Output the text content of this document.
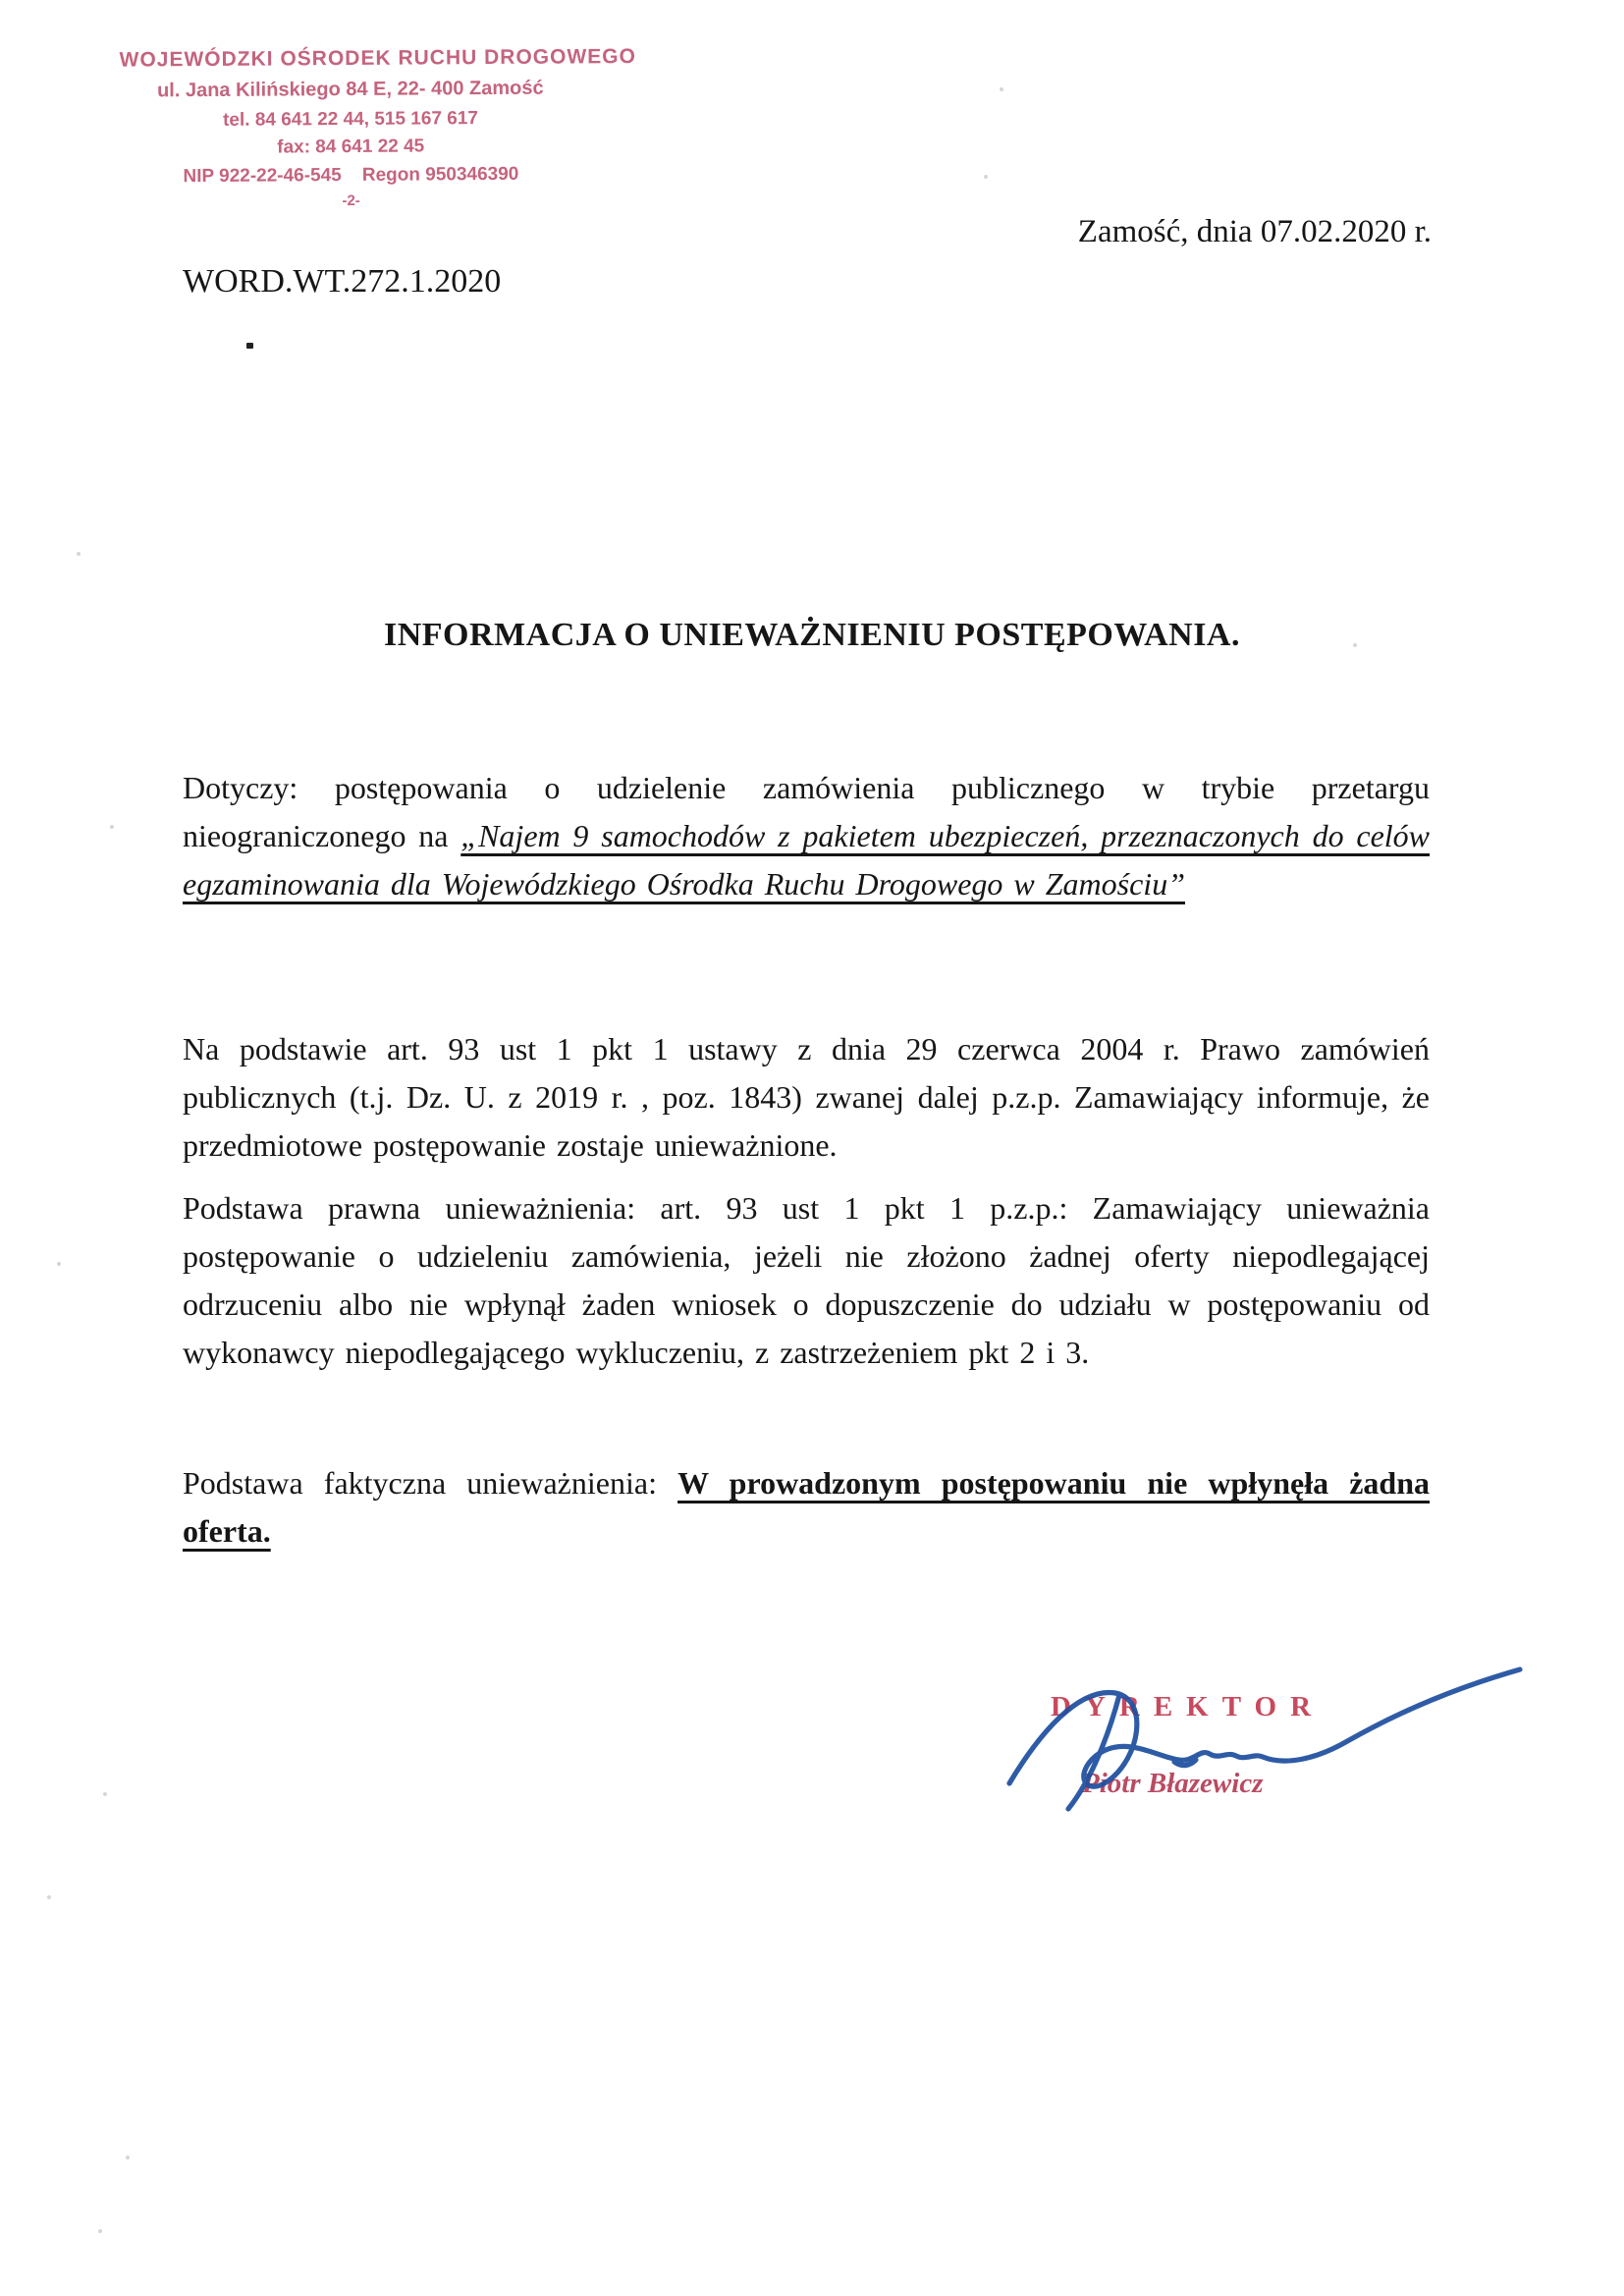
WOJEWÓDZKI OŚRODEK RUCHU DROGOWEGO
ul. Jana Kilińskiego 84 E, 22- 400 Zamość
tel. 84 641 22 44, 515 167 617
fax: 84 641 22 45
NIP 922-22-46-545    Regon 950346390
-2-
Zamość, dnia 07.02.2020 r.
WORD.WT.272.1.2020
INFORMACJA O UNIEWAŻNIENIU POSTĘPOWANIA.

Dotyczy: postępowania o udzielenie zamówienia publicznego w trybie przetargu nieograniczonego na „Najem 9 samochodów z pakietem ubezpieczeń, przeznaczonych do celów egzaminowania dla Wojewódzkiego Ośrodka Ruchu Drogowego w Zamościu”

Na podstawie art. 93 ust 1 pkt 1 ustawy z dnia 29 czerwca 2004 r. Prawo zamówień publicznych (t.j. Dz. U. z 2019 r. , poz. 1843) zwanej dalej p.z.p. Zamawiający informuje, że przedmiotowe postępowanie zostaje unieważnione.

Podstawa prawna unieważnienia: art. 93 ust 1 pkt 1 p.z.p.: Zamawiający unieważnia postępowanie o udzieleniu zamówienia, jeżeli nie złożono żadnej oferty niepodlegającej odrzuceniu albo nie wpłynął żaden wniosek o dopuszczenie do udziału w postępowaniu od wykonawcy niepodlegającego wykluczeniu, z zastrzeżeniem pkt 2 i 3.

Podstawa faktyczna unieważnienia: W prowadzonym postępowaniu nie wpłynęła żadna oferta.

DYREKTOR
Piotr Błazewicz
